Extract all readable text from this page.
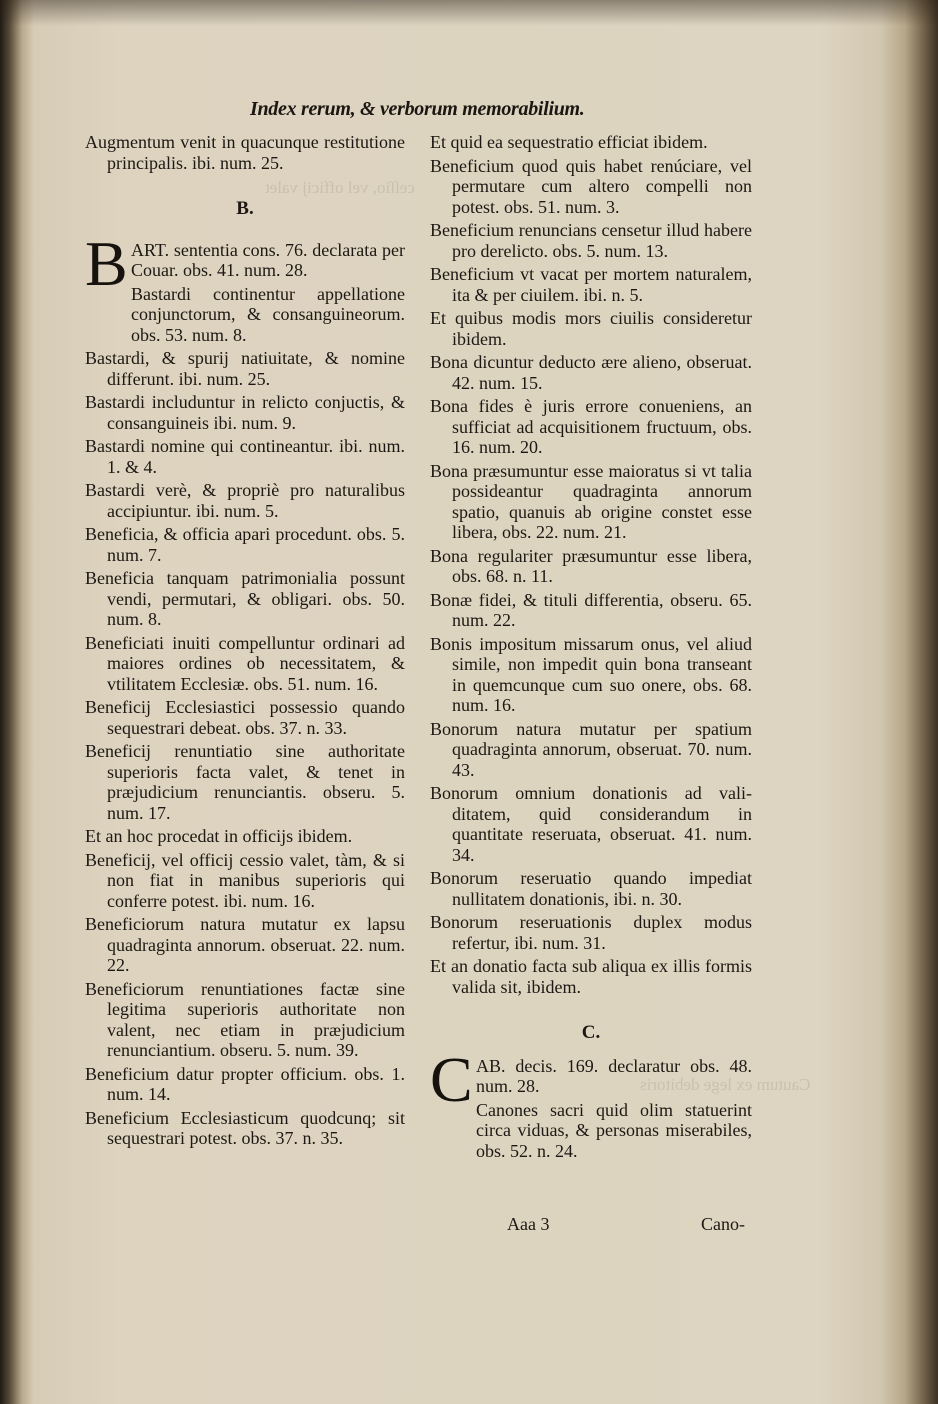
ceſſio, vel officij valet
Cautum ex lege debitoris
Index rerum, & verborum memorabilium.
Augmentum venit in quacunque restitutione principalis. ibi. num. 25.
B.
B ART. sententia cons. 76. declarata per Couar. obs. 41. num. 28.
Bastardi continentur appellatione conjunctorum, & consanguineorum. obs. 53. num. 8.
Bastardi, & spurij natiuitate, & nomine differunt. ibi. num. 25.
Bastardi includuntur in relicto conjuctis, & consanguineis ibi. num. 9.
Bastardi nomine qui contineantur. ibi. num. 1. & 4.
Bastardi verè, & propriè pro naturalibus accipiuntur. ibi. num. 5.
Beneficia, & officia apari procedunt. obs. 5. num. 7.
Beneficia tanquam patrimonialia possunt vendi, permutari, & obligari. obs. 50. num. 8.
Beneficiati inuiti compelluntur ordinari ad maiores ordines ob necessitatem, & vtilitatem Ecclesiæ. obs. 51. num. 16.
Beneficij Ecclesiastici possessio quando sequestrari debeat. obs. 37. n. 33.
Beneficij renuntiatio sine authoritate superioris facta valet, & tenet in præjudicium renunciantis. obseru. 5. num. 17.
Et an hoc procedat in officijs ibidem.
Beneficij, vel officij cessio valet, tàm, & si non fiat in manibus superioris qui conferre potest. ibi. num. 16.
Beneficiorum natura mutatur ex lapsu quadraginta annorum. obseruat. 22. num. 22.
Beneficiorum renuntiationes factæ sine legitima superioris authoritate non valent, nec etiam in præjudicium renunciantium. obseru. 5. num. 39.
Beneficium datur propter officium. obs. 1. num. 14.
Beneficium Ecclesiasticum quodcunq; sit sequestrari potest. obs. 37. n. 35.
Et quid ea sequestratio efficiat ibidem.
Beneficium quod quis habet renúciare, vel permutare cum altero compelli non potest. obs. 51. num. 3.
Beneficium renuncians censetur illud habere pro derelicto. obs. 5. num. 13.
Beneficium vt vacat per mortem naturalem, ita & per ciuilem. ibi. n. 5.
Et quibus modis mors ciuilis consideretur ibidem.
Bona dicuntur deducto ære alieno, obseruat. 42. num. 15.
Bona fides è juris errore conueniens, an sufficiat ad acquisitionem fructuum, obs. 16. num. 20.
Bona præsumuntur esse maioratus si vt talia possideantur quadraginta annorum spatio, quanuis ab origine constet esse libera, obs. 22. num. 21.
Bona regulariter præsumuntur esse libera, obs. 68. n. 11.
Bonæ fidei, & tituli differentia, obseru. 65. num. 22.
Bonis impositum missarum onus, vel aliud simile, non impedit quin bona transeant in quemcunque cum suo onere, obs. 68. num. 16.
Bonorum natura mutatur per spatium quadraginta annorum, obseruat. 70. num. 43.
Bonorum omnium donationis ad validitatem, quid considerandum in quantitate reseruata, obseruat. 41. num. 34.
Bonorum reseruatio quando impediat nullitatem donationis, ibi. n. 30.
Bonorum reseruationis duplex modus refertur, ibi. num. 31.
Et an donatio facta sub aliqua ex illis formis valida sit, ibidem.
C.
C AB. decis. 169. declaratur obs. 48. num. 28.
Canones sacri quid olim statuerint circa viduas, & personas miserabiles, obs. 52. n. 24.
Aaa 3	Cano-
